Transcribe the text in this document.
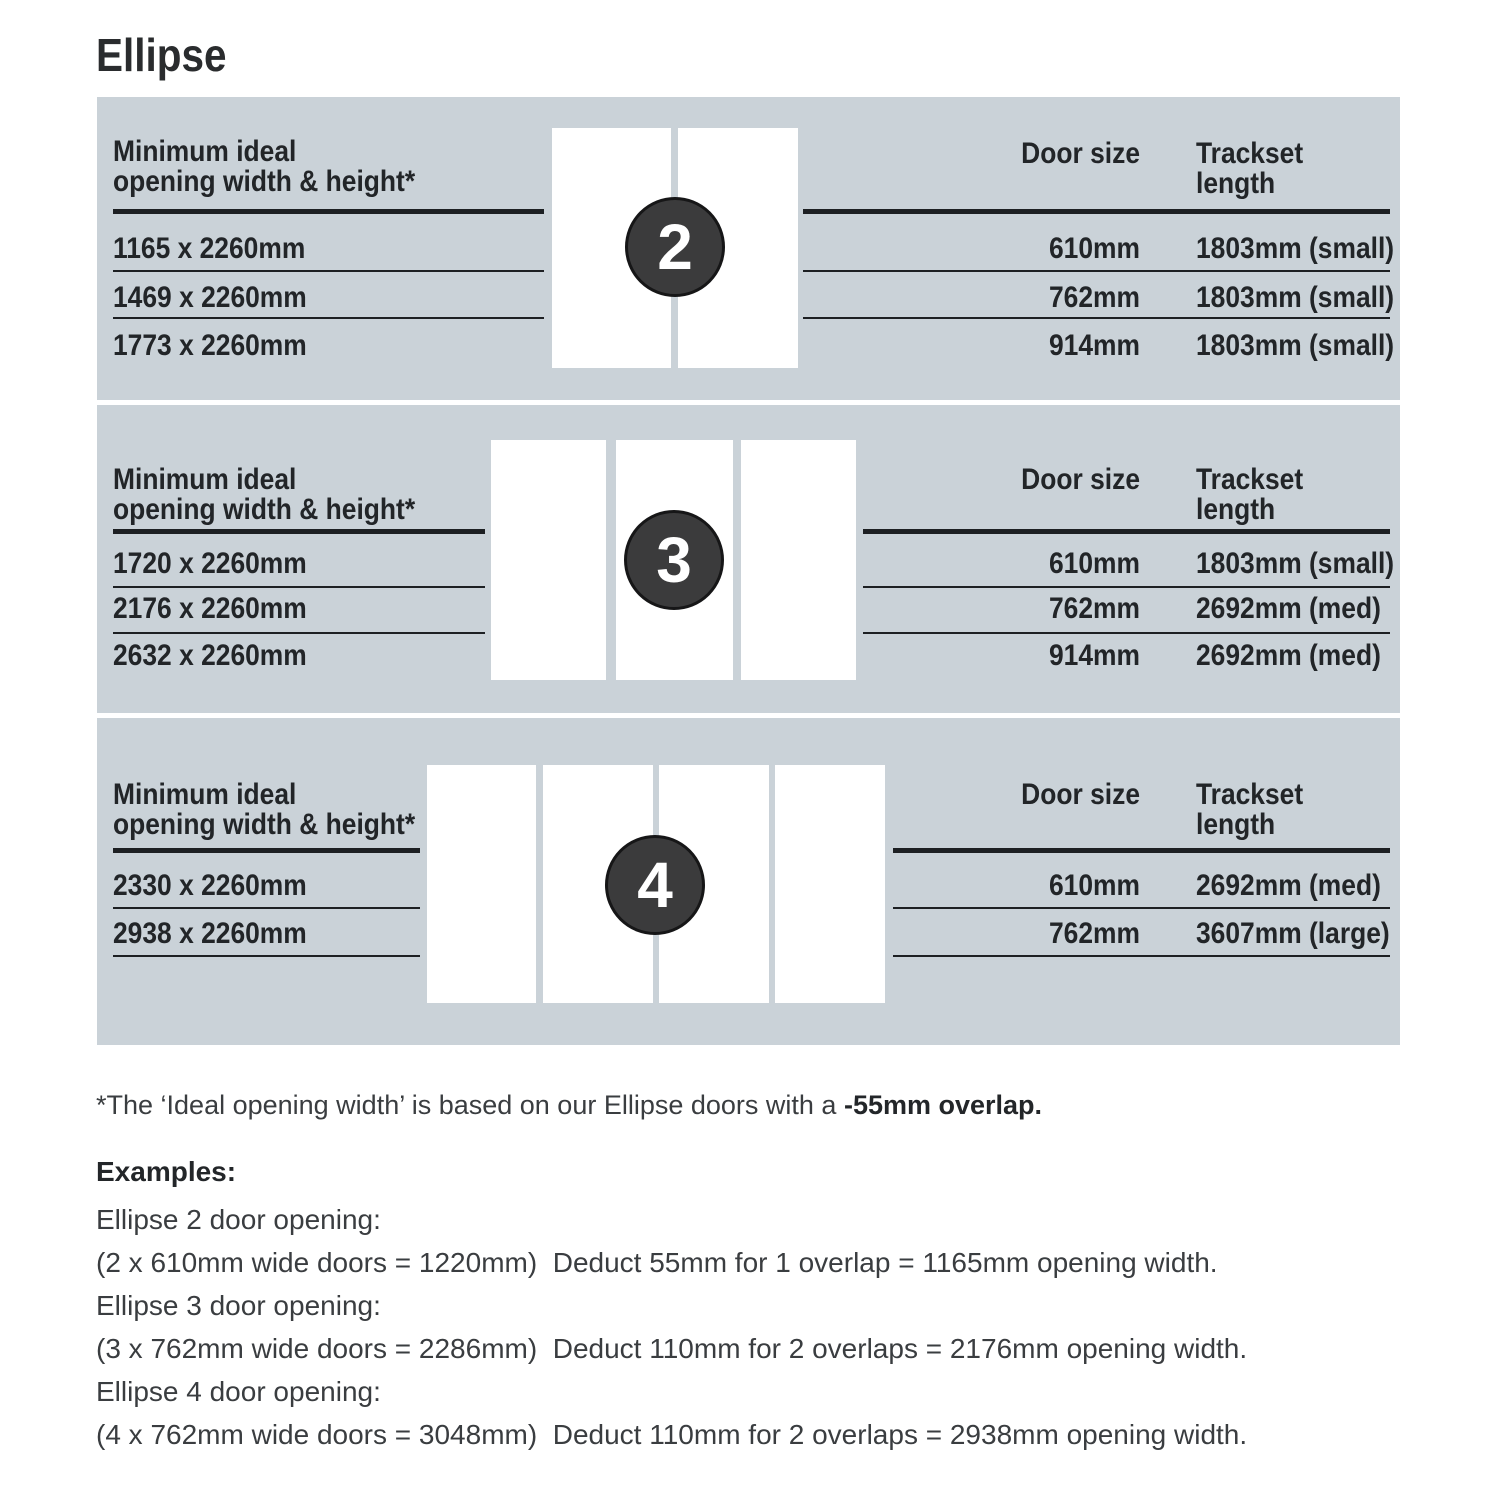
Ellipse
Minimum ideal
opening width & height*
1165 x 2260mm
1469 x 2260mm
1773 x 2260mm
2
Door size Trackset length
610mm 1803mm (small)
762mm 1803mm (small)
914mm 1803mm (small)
Minimum ideal
opening width & height*
1720 x 2260mm
2176 x 2260mm
2632 x 2260mm
3
Door size Trackset length
610mm 1803mm (small)
762mm 2692mm (med)
914mm 2692mm (med)
Minimum ideal
opening width & height*
2330 x 2260mm
2938 x 2260mm
4
Door size Trackset length
610mm 2692mm (med)
762mm 3607mm (large)

*The ‘Ideal opening width’ is based on our Ellipse doors with a -55mm overlap.

Examples:
Ellipse 2 door opening:
(2 x 610mm wide doors = 1220mm)  Deduct 55mm for 1 overlap = 1165mm opening width.
Ellipse 3 door opening:
(3 x 762mm wide doors = 2286mm)  Deduct 110mm for 2 overlaps = 2176mm opening width.
Ellipse 4 door opening:
(4 x 762mm wide doors = 3048mm)  Deduct 110mm for 2 overlaps = 2938mm opening width.
